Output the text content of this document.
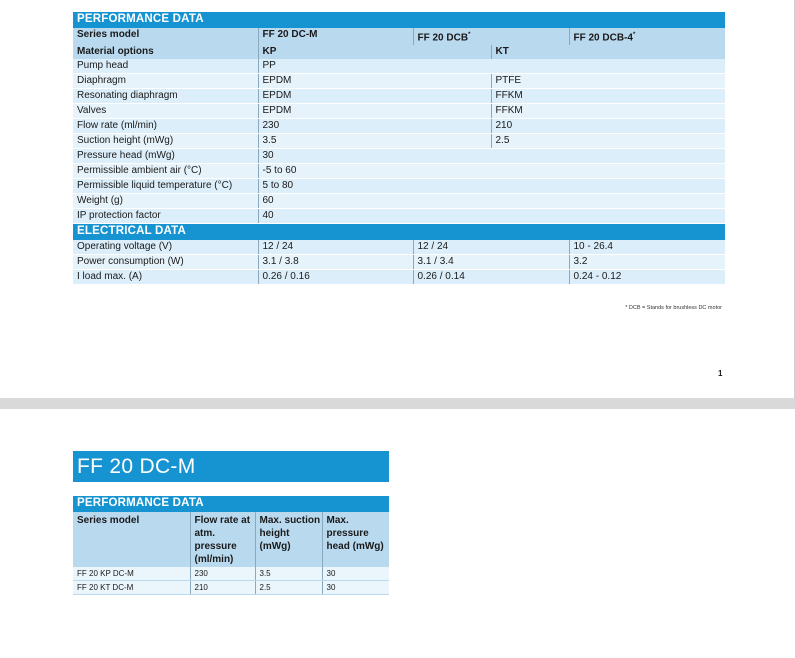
PERFORMANCE DATA				
Series model	FF 20 DC-M	FF 20 DCB*		FF 20 DCB-4*
Material options	KP		KT	
Pump head	PP			
Diaphragm	EPDM		PTFE	
Resonating diaphragm	EPDM		FFKM	
Valves	EPDM		FFKM	
Flow rate (ml/min)	230		210	
Suction height (mWg)	3.5		2.5	
Pressure head (mWg)	30			
Permissible ambient air (°C)	-5 to 60			
Permissible liquid temperature (°C)	5 to 80			
Weight (g)	60			
IP protection factor	40			
ELECTRICAL DATA				
Operating voltage (V)	12 / 24	12 / 24		10 - 26.4
Power consumption (W)	3.1 / 3.8	3.1 / 3.4		3.2
I load max. (A)	0.26 / 0.16	0.26 / 0.14		0.24 - 0.12
* DCB = Stands for brushless DC motor
1
FF 20 DC-M
PERFORMANCE DATA			
Series model	Flow rate at atm. pressure (ml/min)	Max. suction height (mWg)	Max. pressure head (mWg)
FF 20 KP DC-M	230	3.5	30
FF 20 KT DC-M	210	2.5	30
